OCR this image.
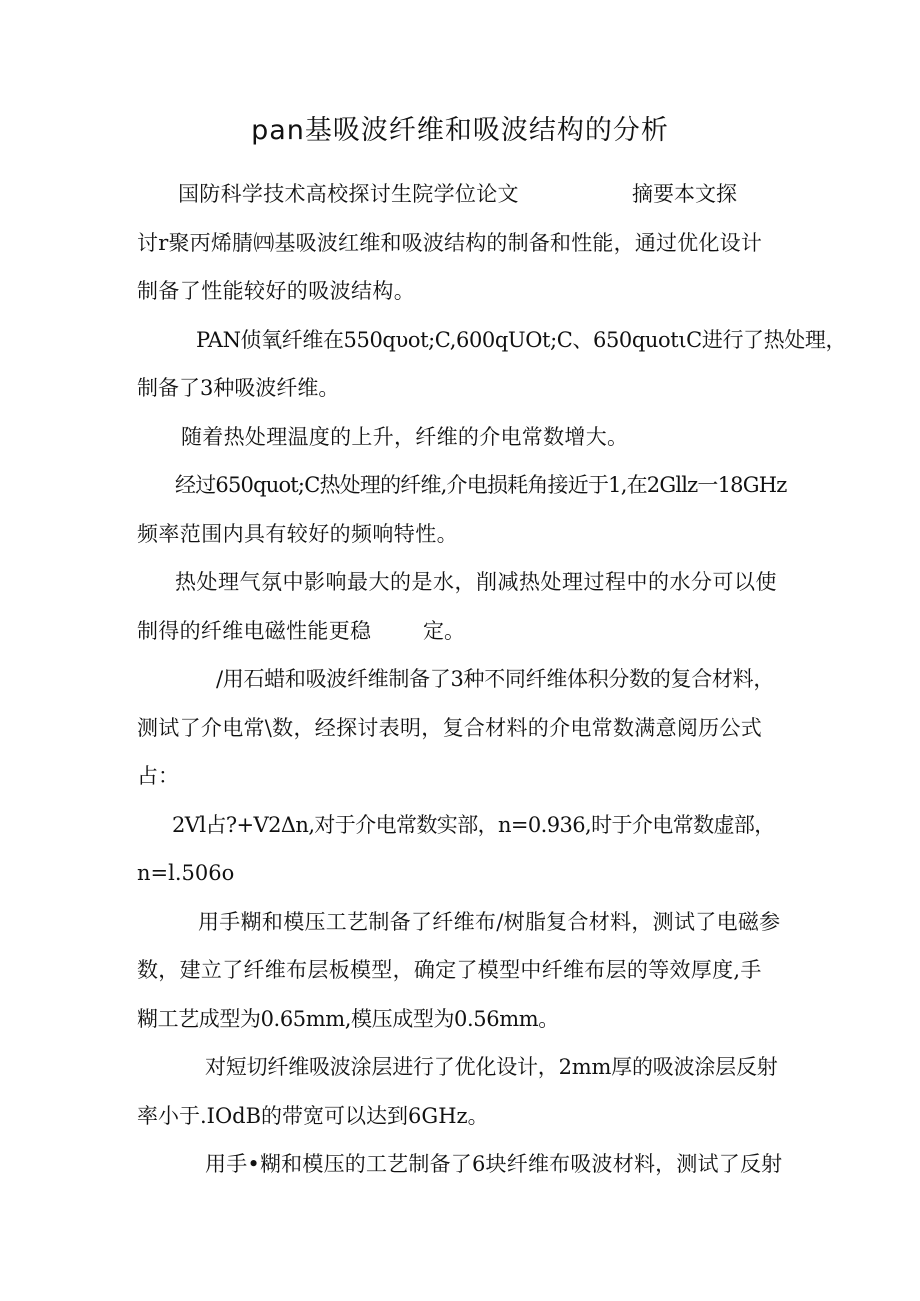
pan基吸波纤维和吸波结构的分析
国防科学技术高校探讨生院学位论文	摘要本文探
讨r聚丙烯腈㈣基吸波红维和吸波结构的制备和性能，通过优化设计
制备了性能较好的吸波结构。
PAN侦氧纤维在550qυot;C,600qUOt;C、650quotιC进行了热处理，
制备了3种吸波纤维。
随着热处理温度的上升，纤维的介电常数增大。
经过650quot;C热处理的纤维,介电损耗角接近于1,在2Gllz一18GHz
频率范围内具有较好的频响特性。
热处理气氛中影响最大的是水，削减热处理过程中的水分可以使
制得的纤维电磁性能更稳 定。
/用石蜡和吸波纤维制备了3种不同纤维体积分数的复合材料，
测试了介电常\数，经探讨表明，复合材料的介电常数满意阅历公式
占：
2Vl占?+V2Δn,对于介电常数实部，n=0.936,时于介电常数虚部，
n=l.506o
用手糊和模压工艺制备了纤维布/树脂复合材料，测试了电磁参
数，建立了纤维布层板模型，确定了模型中纤维布层的等效厚度,手
糊工艺成型为0.65mm,模压成型为0.56mm。
对短切纤维吸波涂层进行了优化设计，2mm厚的吸波涂层反射
率小于.IOdB的带宽可以达到6GHz。
用手•糊和模压的工艺制备了6块纤维布吸波材料，测试了反射
